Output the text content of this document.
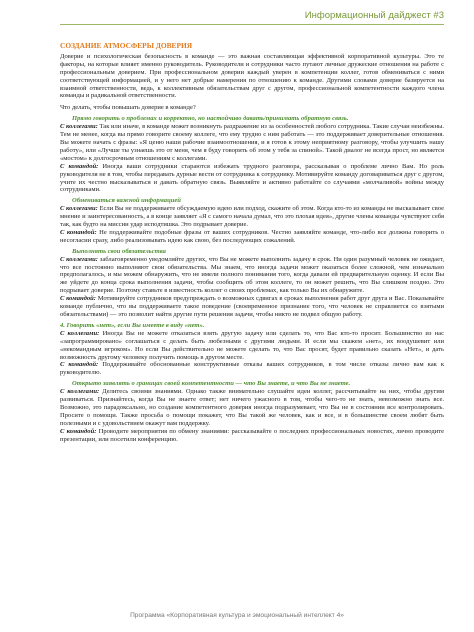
Информационный дайджест #3

СОЗДАНИЕ АТМОСФЕРЫ ДОВЕРИЯ

Доверие и психологическая безопасность в команде — это важная составляющая эффективной корпоративной культуры. Это те факторы, на которые влияет именно руководитель. Руководители и сотрудники часто путают личные дружеские отношения на работе с профессиональным доверием. При профессиональном доверии каждый уверен в компетенции коллег, готов обмениваться с ними соответствующей информацией, и у него нет добрые намерения по отношению к команде. Другими словами доверие базируется на взаимной ответственности, ведь, к коллективным обязательствам друг с другом, профессиональной компетентности каждого члена команды и радикальной ответственности.

Что делать, чтобы повышать доверие в команде?

Прямо говорить о проблемах и корректно, но настойчиво давать/принимать обратную связь.

С коллегами: Так или иначе, в команде может возникнуть раздражение из за особенностей любого сотрудника. Такие случаи неизбежны. Тем не менее, когда вы прямо говорите своему коллеге, что ему трудно с ним работать — это поддерживает доверительные отношения. Вы можете начать с фразы: «Я ценю наши рабочие взаимоотношения, и я готов к этому неприятному разговору, чтобы улучшить нашу работу», или «Лучше ты узнаешь это от меня, чем я буду говорить об этом у тебя за спиной». Такой диалог не всегда прост, но является «мостом» к долгосрочным отношениям с коллегами.

С командой: Иногда ваши сотрудники стараются избежать трудного разговора, рассказывая о проблеме лично Вам. Но роль руководителя не в том, чтобы передавать дурные вести от сотрудника к сотруднику. Мотивируйте команду договариваться друг с другом, учите их честно высказываться и давать обратную связь. Выявляйте и активно работайте со случаями «молчаливой» войны между сотрудниками.

Обмениваться важной информацией

С коллегами: Если Вы не поддерживаете обсуждаемую идею или подход, скажите об этом. Когда кто-то из команды не высказывает свое мнение и заинтересованность, а в конце заявляет «Я с самого начала думал, что это плохая идея», другие члены команды чувствуют себя так, как будто на миссии удар исподтишка. Это подрывает доверие.

С командой: Не поддерживайте подобные фразы от ваших сотрудников. Честно заявляйте команде, что-либо все должны говорить о несогласии сразу, либо реализовывать идею как свою, без последующих сожалений.

Выполнять свои обязательства

С коллегами: заблаговременно уведомляйте других, что Вы не можете выполнить задачу в срок. Ни один разумный человек не ожидает, что все постоянно выполняют свои обязательства. Мы знаем, что иногда задачи может оказаться более сложной, чем изначально предполагалось, и мы можем обнаружить, что не имели полного понимания того, когда давали ей предварительную оценку. И если Вы же уйдете до конца срока выполнения задачи, чтобы сообщить об этом коллеге, то он может решить, что Вы слишком поздно. Это подрывает доверие. Поэтому ставьте в известность коллег о своих проблемах, как только Вы их обнаружите.

С командой: Мотивируйте сотрудников предупреждать о возможных сдвигах в сроках выполнения работ друг друга и Вас. Показывайте команде публично, что вы поддерживаете такое поведение (своевременное признание того, что человек не справляется со взятыми обязательствами) — это позволит найти другие пути решения задачи, чтобы никто не подвел общую работу.

4. Говорить «нет», если Вы имеете в виду «нет».

С коллегами: Иногда Вы не можете отказаться взять другую задачу или сделать то, что Вас кто-то просит. Большинство из нас «запрограммировано» соглашаться с делать быть любезными с другими людьми. И если мы скажем «нет», их воодушевит или «некомандным игроком». Но если Вы действительно не можете сделать то, что Вас просят, будет правильно сказать «Нет», и дать возможность другому человеку получить помощь в другом месте.

С командой: Поддерживайте обоснованные конструктивные отказы ваших сотрудников, в том числе отказы лично вам как к руководителю.

Открыто заявлять о границах своей компетентности — что Вы знаете, и что Вы не знаете.

С коллегами: Делитесь своими знаниями. Однако также внимательно слушайте идеи коллег, рассчитывайте на них, чтобы другим развиваться. Признайтесь, когда Вы не знаете ответ; нет ничего ужасного в том, чтобы чего-то не знать, невозможно знать все. Возможно, это парадоксально, но создание компетентного доверия иногда подразумевает, что Вы не в состоянии все контролировать. Просите о помощи. Также просьба о помощи покажет, что Вы такой же человек, как и все, и в большинстве своем любят быть полезными и с удовольствием окажут вам поддержку.

С командой: Проводите мероприятия по обмену знаниями: рассказывайте о последних профессиональных новостях, лично проводите презентации, или посетили конференцию.

Программа «Корпоративная культура и эмоциональный интеллект 4»
